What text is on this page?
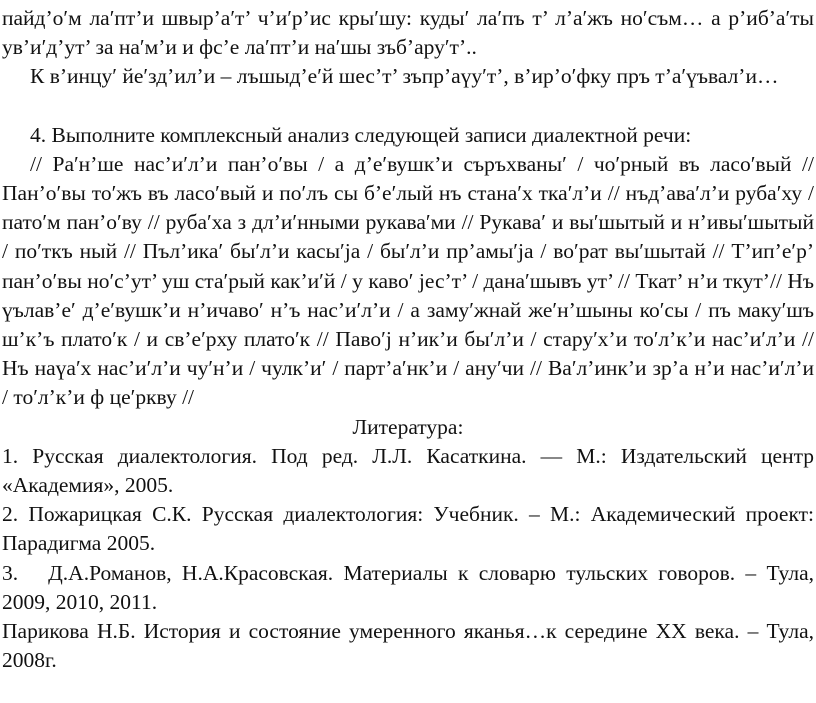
пайд’о′м ла′пт’и швыр’а′т’ ч’и′р’ис кры′шу: куды′ ла′пъ т’ л’а′жъ но′съм… а р’иб’а′ты ув’и′д’ут’ за на′м’и и фс’е ла′пт’и на′шы зъб’ару′т’..

К в’инцу′ йе′зд’ил’и – лъшыд’е′й шес’т’ зъпр’аүу′т’, в’ир’о′фку пръ т’а′үъвал’и…

4. Выполните комплексный анализ следующей записи диалектной речи:

// Ра′н’ше нас’и′л’и пан’о′вы / а д’е′вушк’и съръхваны′ / чо′рный въ ласо′вый // Пан’о′вы то′жъ въ ласо′вый и по′лъ сы б’е′лый нъ стана′х тка′л’и // нъд’ава′л’и руба′ху / пато′м пан’о′ву // руба′ха з дл’и′нными рукава′ми // Рукава′ и вы′шытый и н’ивы′шытый / по′ткъ ный // Пъл’ика′ бы′л’и касы′ја / бы′л’и пр’амы′ја / во′рат вы′шытай // Т’ип’е′р’ пан’о′вы но′с’ут’ уш ста′рый как’и′й / у каво′ јес’т’ / дана′шывъ ут’ // Ткат’ н’и ткут’// Нъ үълав’е′ д’е′вушк’и н’ичаво′ н’ъ нас’и′л’и / а заму′жнай же′н’шыны ко′сы / пъ маку′шъ ш’к’ъ плато′к / и св’е′рху плато′к // Паво′ј н’ик’и бы′л’и / стару′х’и то′л’к’и нас’и′л’и // Нъ наүа′х нас’и′л’и чу′н’и / чулк’и′ / парт’а′нк’и / ану′чи // Ва′л’инк’и зр’а н’и нас’и′л’и / то′л’к’и ф це′ркву //

Литература:

1. Русская диалектология. Под ред. Л.Л. Касаткина. — М.: Издательский центр «Академия», 2005.

2. Пожарицкая С.К. Русская диалектология: Учебник. – М.: Академический проект: Парадигма 2005.

3. Д.А.Романов, Н.А.Красовская. Материалы к словарю тульских говоров. – Тула, 2009, 2010, 2011.

Парикова Н.Б. История и состояние умеренного яканья…к середине XX века. – Тула, 2008г.
